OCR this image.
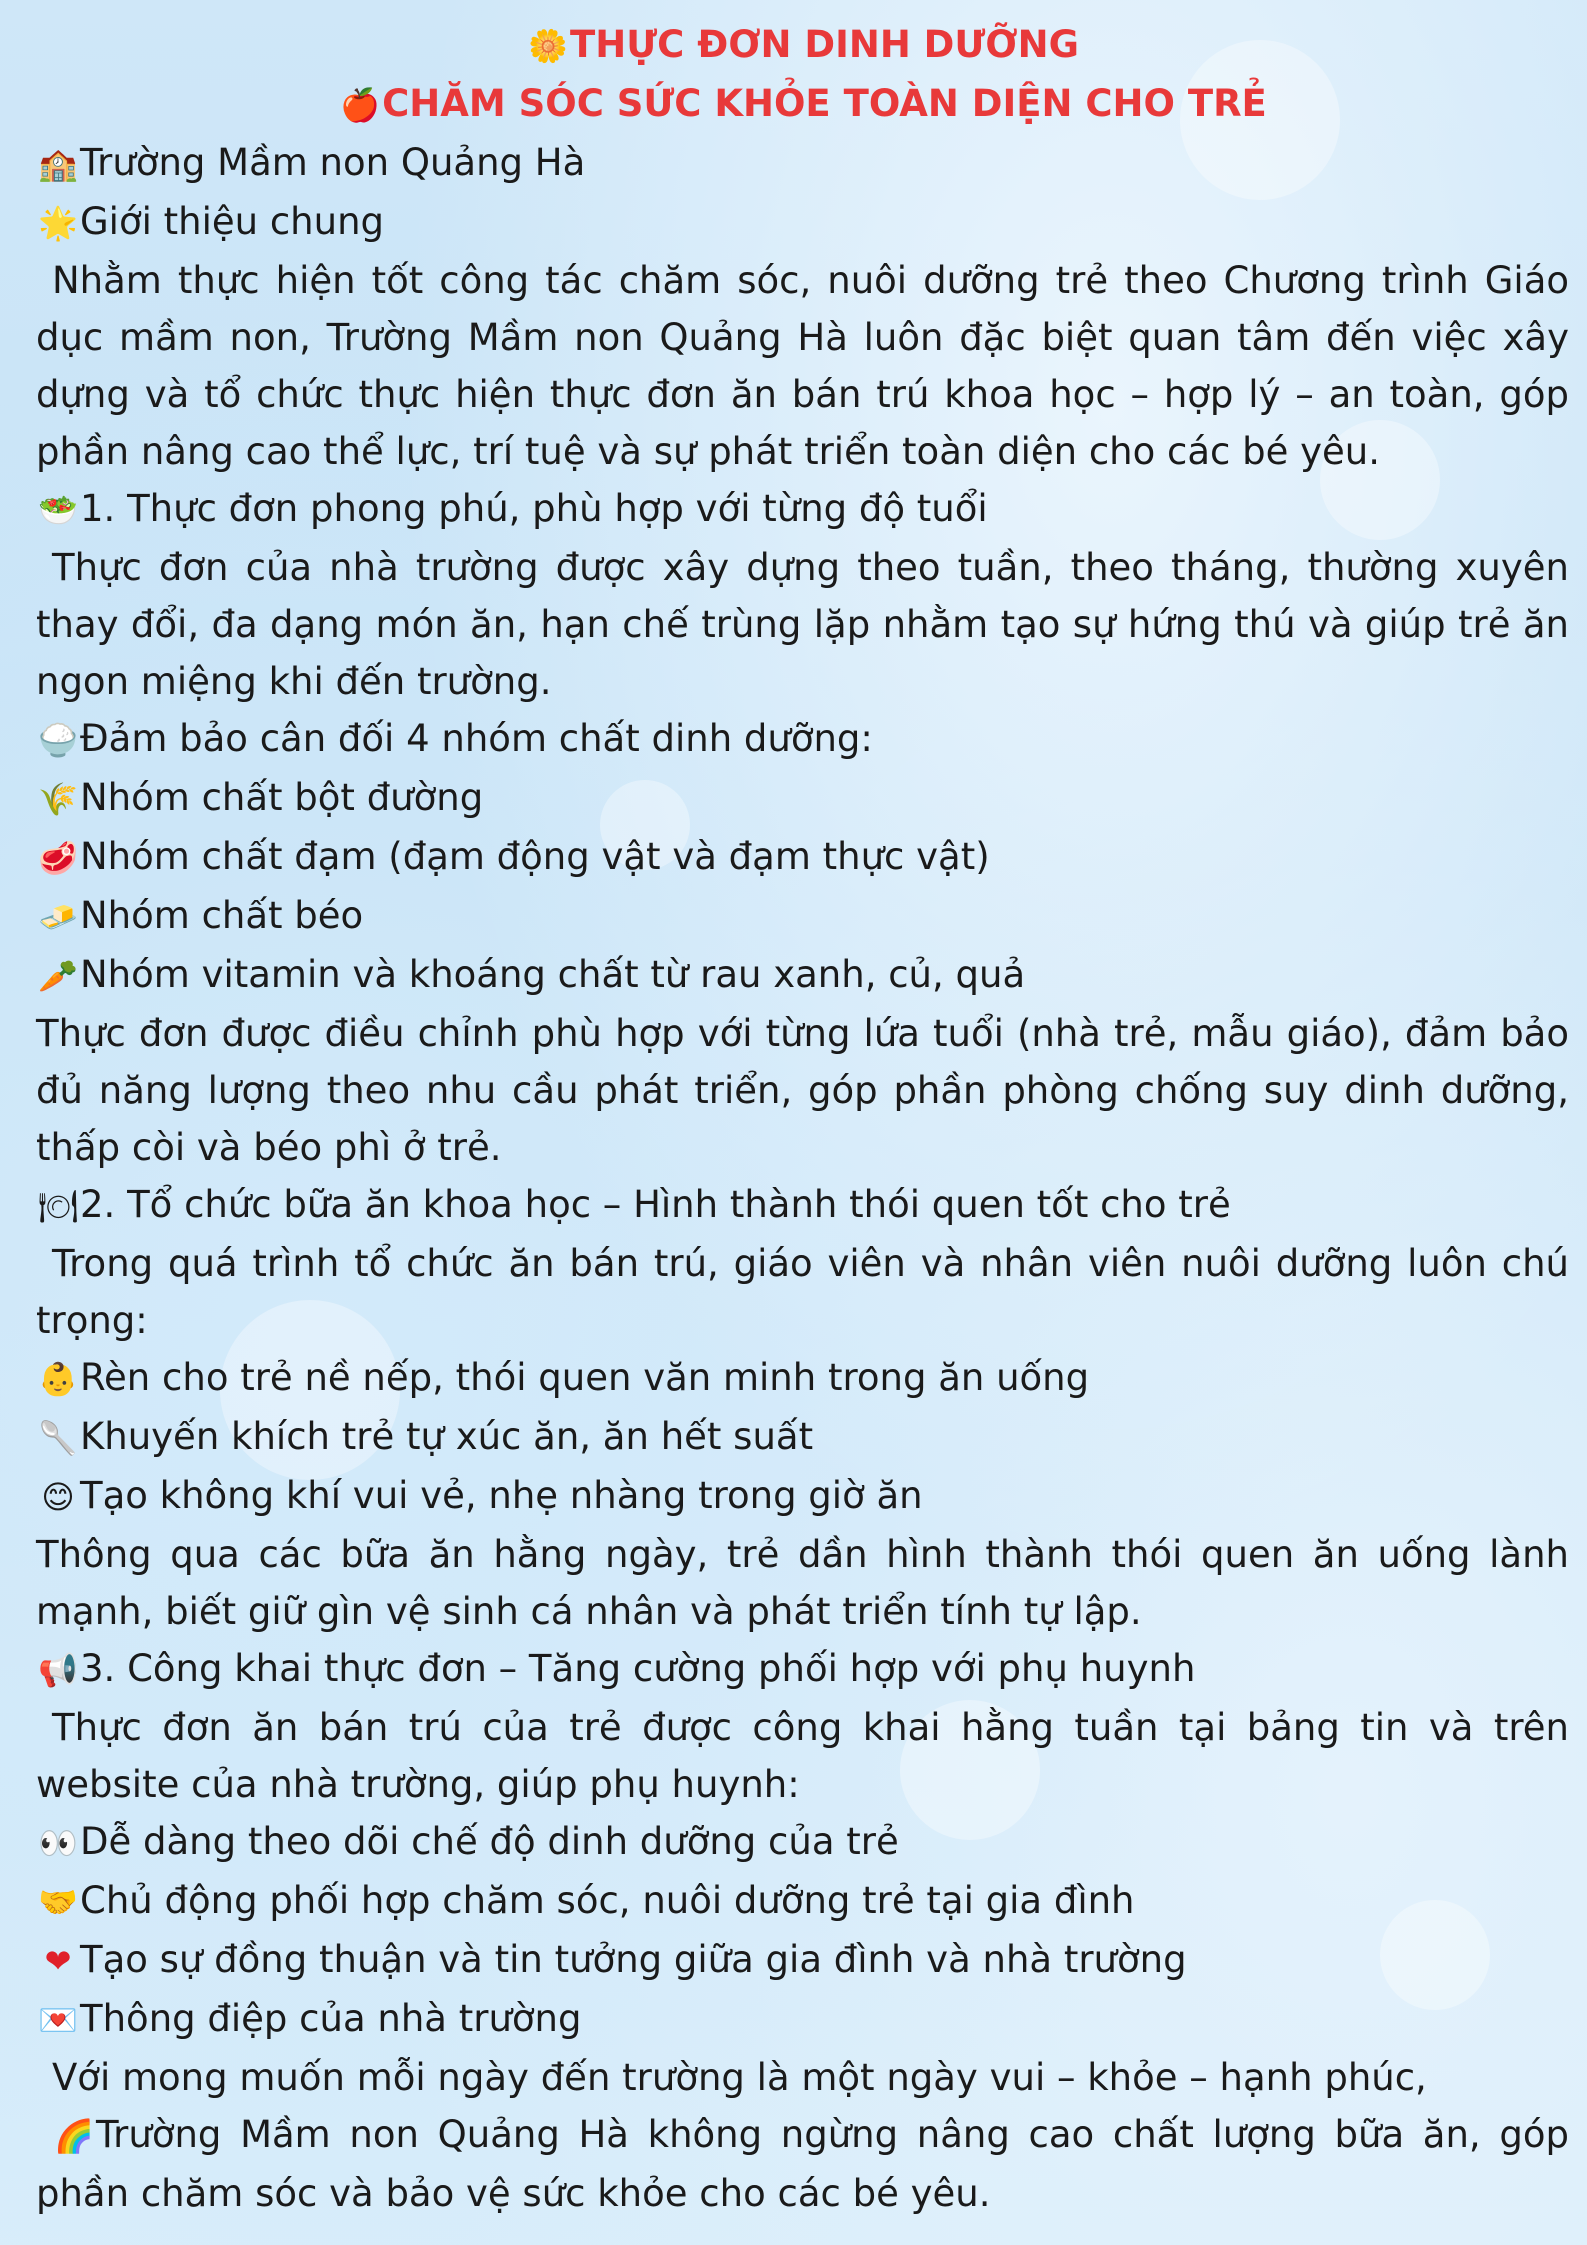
🌼THỰC ĐƠN DINH DƯỠNG
🍎CHĂM SÓC SỨC KHỎE TOÀN DIỆN CHO TRẺ
🏫Trường Mầm non Quảng Hà
🌟Giới thiệu chung
Nhằm thực hiện tốt công tác chăm sóc, nuôi dưỡng trẻ theo Chương trình Giáo dục mầm non, Trường Mầm non Quảng Hà luôn đặc biệt quan tâm đến việc xây dựng và tổ chức thực hiện thực đơn ăn bán trú khoa học – hợp lý – an toàn, góp phần nâng cao thể lực, trí tuệ và sự phát triển toàn diện cho các bé yêu.
🥗1. Thực đơn phong phú, phù hợp với từng độ tuổi
Thực đơn của nhà trường được xây dựng theo tuần, theo tháng, thường xuyên thay đổi, đa dạng món ăn, hạn chế trùng lặp nhằm tạo sự hứng thú và giúp trẻ ăn ngon miệng khi đến trường.
🍚Đảm bảo cân đối 4 nhóm chất dinh dưỡng:
🌾Nhóm chất bột đường
🥩Nhóm chất đạm (đạm động vật và đạm thực vật)
🧈Nhóm chất béo
🥕Nhóm vitamin và khoáng chất từ rau xanh, củ, quả
Thực đơn được điều chỉnh phù hợp với từng lứa tuổi (nhà trẻ, mẫu giáo), đảm bảo đủ năng lượng theo nhu cầu phát triển, góp phần phòng chống suy dinh dưỡng, thấp còi và béo phì ở trẻ.
🍽2. Tổ chức bữa ăn khoa học – Hình thành thói quen tốt cho trẻ
Trong quá trình tổ chức ăn bán trú, giáo viên và nhân viên nuôi dưỡng luôn chú trọng:
👶Rèn cho trẻ nề nếp, thói quen văn minh trong ăn uống
🥄Khuyến khích trẻ tự xúc ăn, ăn hết suất
😊 Tạo không khí vui vẻ, nhẹ nhàng trong giờ ăn
Thông qua các bữa ăn hằng ngày, trẻ dần hình thành thói quen ăn uống lành mạnh, biết giữ gìn vệ sinh cá nhân và phát triển tính tự lập.
📢3. Công khai thực đơn – Tăng cường phối hợp với phụ huynh
Thực đơn ăn bán trú của trẻ được công khai hằng tuần tại bảng tin và trên website của nhà trường, giúp phụ huynh:
👀Dễ dàng theo dõi chế độ dinh dưỡng của trẻ
🤝Chủ động phối hợp chăm sóc, nuôi dưỡng trẻ tại gia đình
❤ Tạo sự đồng thuận và tin tưởng giữa gia đình và nhà trường
💌Thông điệp của nhà trường
Với mong muốn mỗi ngày đến trường là một ngày vui – khỏe – hạnh phúc,
🌈Trường Mầm non Quảng Hà không ngừng nâng cao chất lượng bữa ăn, góp phần chăm sóc và bảo vệ sức khỏe cho các bé yêu.
